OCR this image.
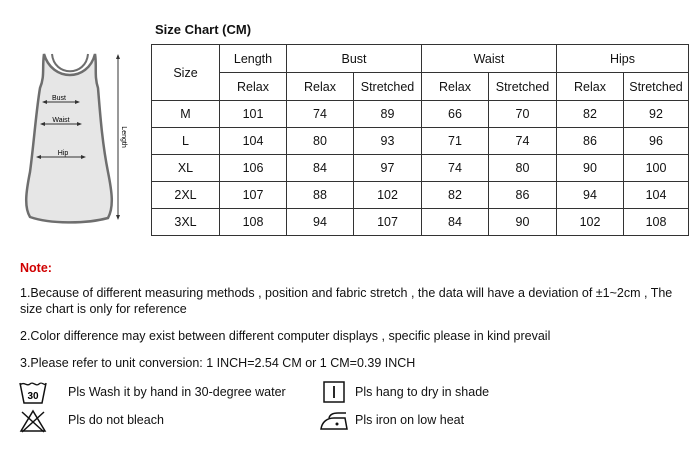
Bust
Waist
Hip
Length
Size Chart (CM)
Size	Length	Bust		Waist		Hips	
	Relax	Relax	Stretched	Relax	Stretched	Relax	Stretched
M	101	74	89	66	70	82	92
L	104	80	93	71	74	86	96
XL	106	84	97	74	80	90	100
2XL	107	88	102	82	86	94	104
3XL	108	94	107	84	90	102	108
Note:
1.Because of different measuring methods , position and fabric stretch , the data will have a deviation of ±1~2cm , The size chart is only for reference
2.Color difference may exist between different computer displays , specific please in kind prevail
3.Please refer to unit conversion: 1 INCH=2.54 CM or 1 CM=0.39 INCH
30 Pls Wash it by hand in 30-degree water	Pls hang to dry in shade
Pls do not bleach	Pls iron on low heat
